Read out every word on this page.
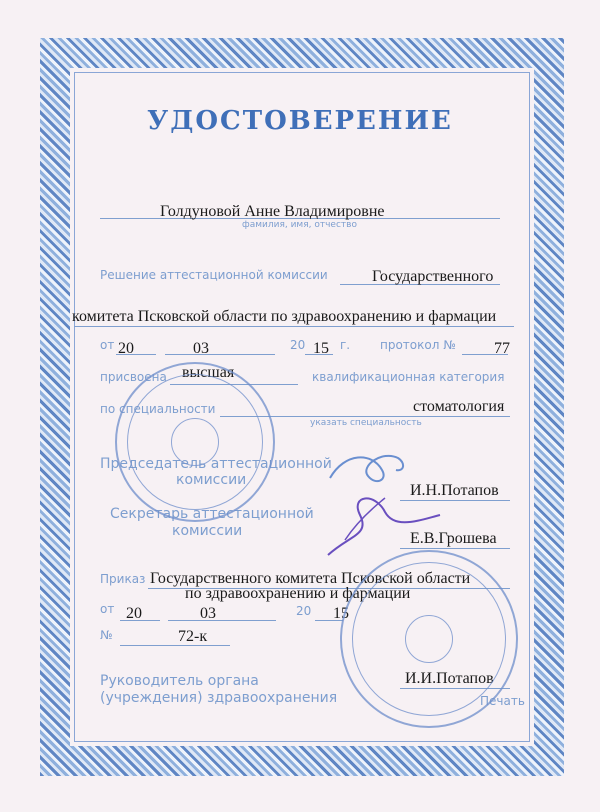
УДОСТОВЕРЕНИЕ
Голдуновой Анне Владимировне
фамилия, имя, отчество
Решение аттестационной комиссии	Государственного
комитета Псковской области по здравоохранению и фармации
от 20	03	20 15 г. протокол № 77
присвоена высшая	квалификационная категория
по специальности	стоматология
указать специальность
Председатель аттестационной
комиссии
И.Н.Потапов
Секретарь аттестационной
комиссии	Е.В.Грошева
Приказ Государственного комитета Псковской области
по здравоохранению и фармации
от 20	03	20 15
№	72-к
Руководитель органа
(учреждения) здравоохранения
И.И.Потапов
Печать
